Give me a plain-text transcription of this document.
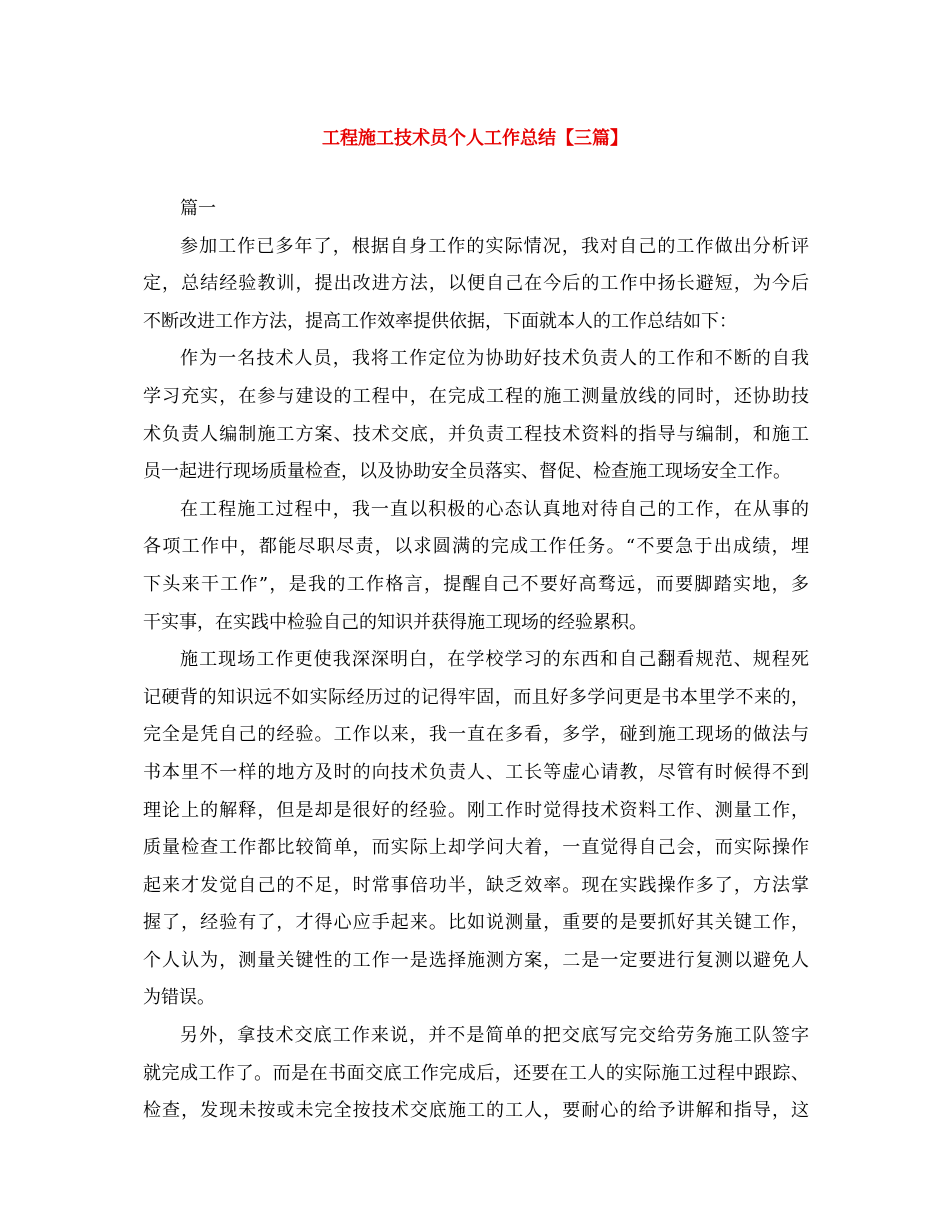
工程施工技术员个人工作总结【三篇】
篇一
参加工作已多年了，根据自身工作的实际情况，我对自己的工作做出分析评
定，总结经验教训，提出改进方法，以便自己在今后的工作中扬长避短，为今后
不断改进工作方法，提高工作效率提供依据，下面就本人的工作总结如下：
作为一名技术人员，我将工作定位为协助好技术负责人的工作和不断的自我
学习充实，在参与建设的工程中，在完成工程的施工测量放线的同时，还协助技
术负责人编制施工方案、技术交底，并负责工程技术资料的指导与编制，和施工
员一起进行现场质量检查，以及协助安全员落实、督促、检查施工现场安全工作。
在工程施工过程中，我一直以积极的心态认真地对待自己的工作，在从事的
各项工作中，都能尽职尽责，以求圆满的完成工作任务。“不要急于出成绩，埋
下头来干工作”，是我的工作格言，提醒自己不要好高骛远，而要脚踏实地，多
干实事，在实践中检验自己的知识并获得施工现场的经验累积。
施工现场工作更使我深深明白，在学校学习的东西和自己翻看规范、规程死
记硬背的知识远不如实际经历过的记得牢固，而且好多学问更是书本里学不来的，
完全是凭自己的经验。工作以来，我一直在多看，多学，碰到施工现场的做法与
书本里不一样的地方及时的向技术负责人、工长等虚心请教，尽管有时候得不到
理论上的解释，但是却是很好的经验。刚工作时觉得技术资料工作、测量工作，
质量检查工作都比较简单，而实际上却学问大着，一直觉得自己会，而实际操作
起来才发觉自己的不足，时常事倍功半，缺乏效率。现在实践操作多了，方法掌
握了，经验有了，才得心应手起来。比如说测量，重要的是要抓好其关键工作，
个人认为，测量关键性的工作一是选择施测方案，二是一定要进行复测以避免人
为错误。
另外，拿技术交底工作来说，并不是简单的把交底写完交给劳务施工队签字
就完成工作了。而是在书面交底工作完成后，还要在工人的实际施工过程中跟踪、
检查，发现未按或未完全按技术交底施工的工人，要耐心的给予讲解和指导，这
